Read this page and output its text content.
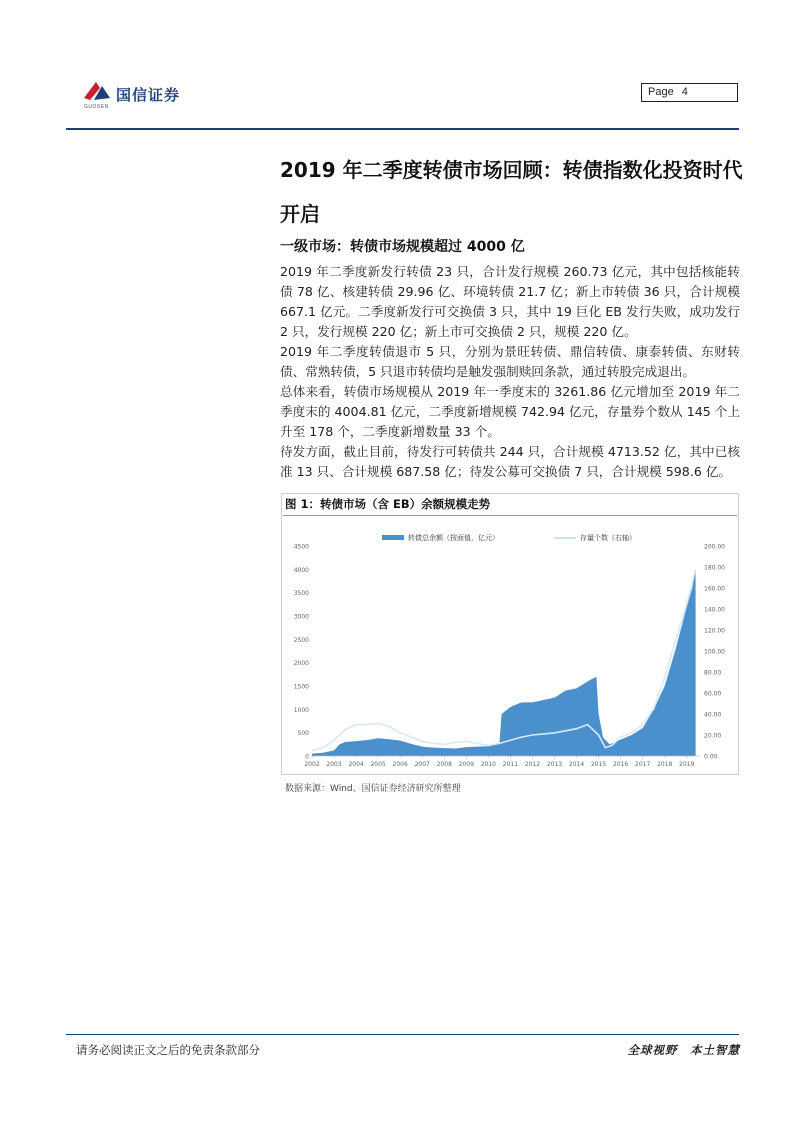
国信证券
GUOSEN
Page 4
2019 年二季度转债市场回顾：转债指数化投资时代开启
一级市场：转债市场规模超过 4000 亿
2019 年二季度新发行转债 23 只，合计发行规模 260.73 亿元，其中包括核能转债 78 亿、核建转债 29.96 亿、环境转债 21.7 亿；新上市转债 36 只，合计规模 667.1 亿元。二季度新发行可交换债 3 只，其中 19 巨化 EB 发行失败，成功发行 2 只，发行规模 220 亿；新上市可交换债 2 只，规模 220 亿。
2019 年二季度转债退市 5 只，分别为景旺转债、鼎信转债、康泰转债、东财转债、常熟转债，5 只退市转债均是触发强制赎回条款，通过转股完成退出。
总体来看，转债市场规模从 2019 年一季度末的 3261.86 亿元增加至 2019 年二季度末的 4004.81 亿元，二季度新增规模 742.94 亿元，存量券个数从 145 个上升至 178 个，二季度新增数量 33 个。
待发方面，截止目前，待发行可转债共 244 只，合计规模 4713.52 亿，其中已核准 13 只、合计规模 687.58 亿；待发公募可交换债 7 只，合计规模 598.6 亿。
图 1：转债市场（含 EB）余额规模走势
转债总余额（按面值，亿元）	存量个数（右轴）
0
500
1000
1500
2000
2500
3000
3500
4000
4500
0.00
20.00
40.00
60.00
80.00
100.00
120.00
140.00
160.00
180.00
200.00
2002 2003 2004 2005 2006 2007 2008 2009 2010 2011 2012 2013 2014 2015 2016 2017 2018 2019
数据来源：Wind、国信证券经济研究所整理
请务必阅读正文之后的免责条款部分	全球视野　本土智慧
